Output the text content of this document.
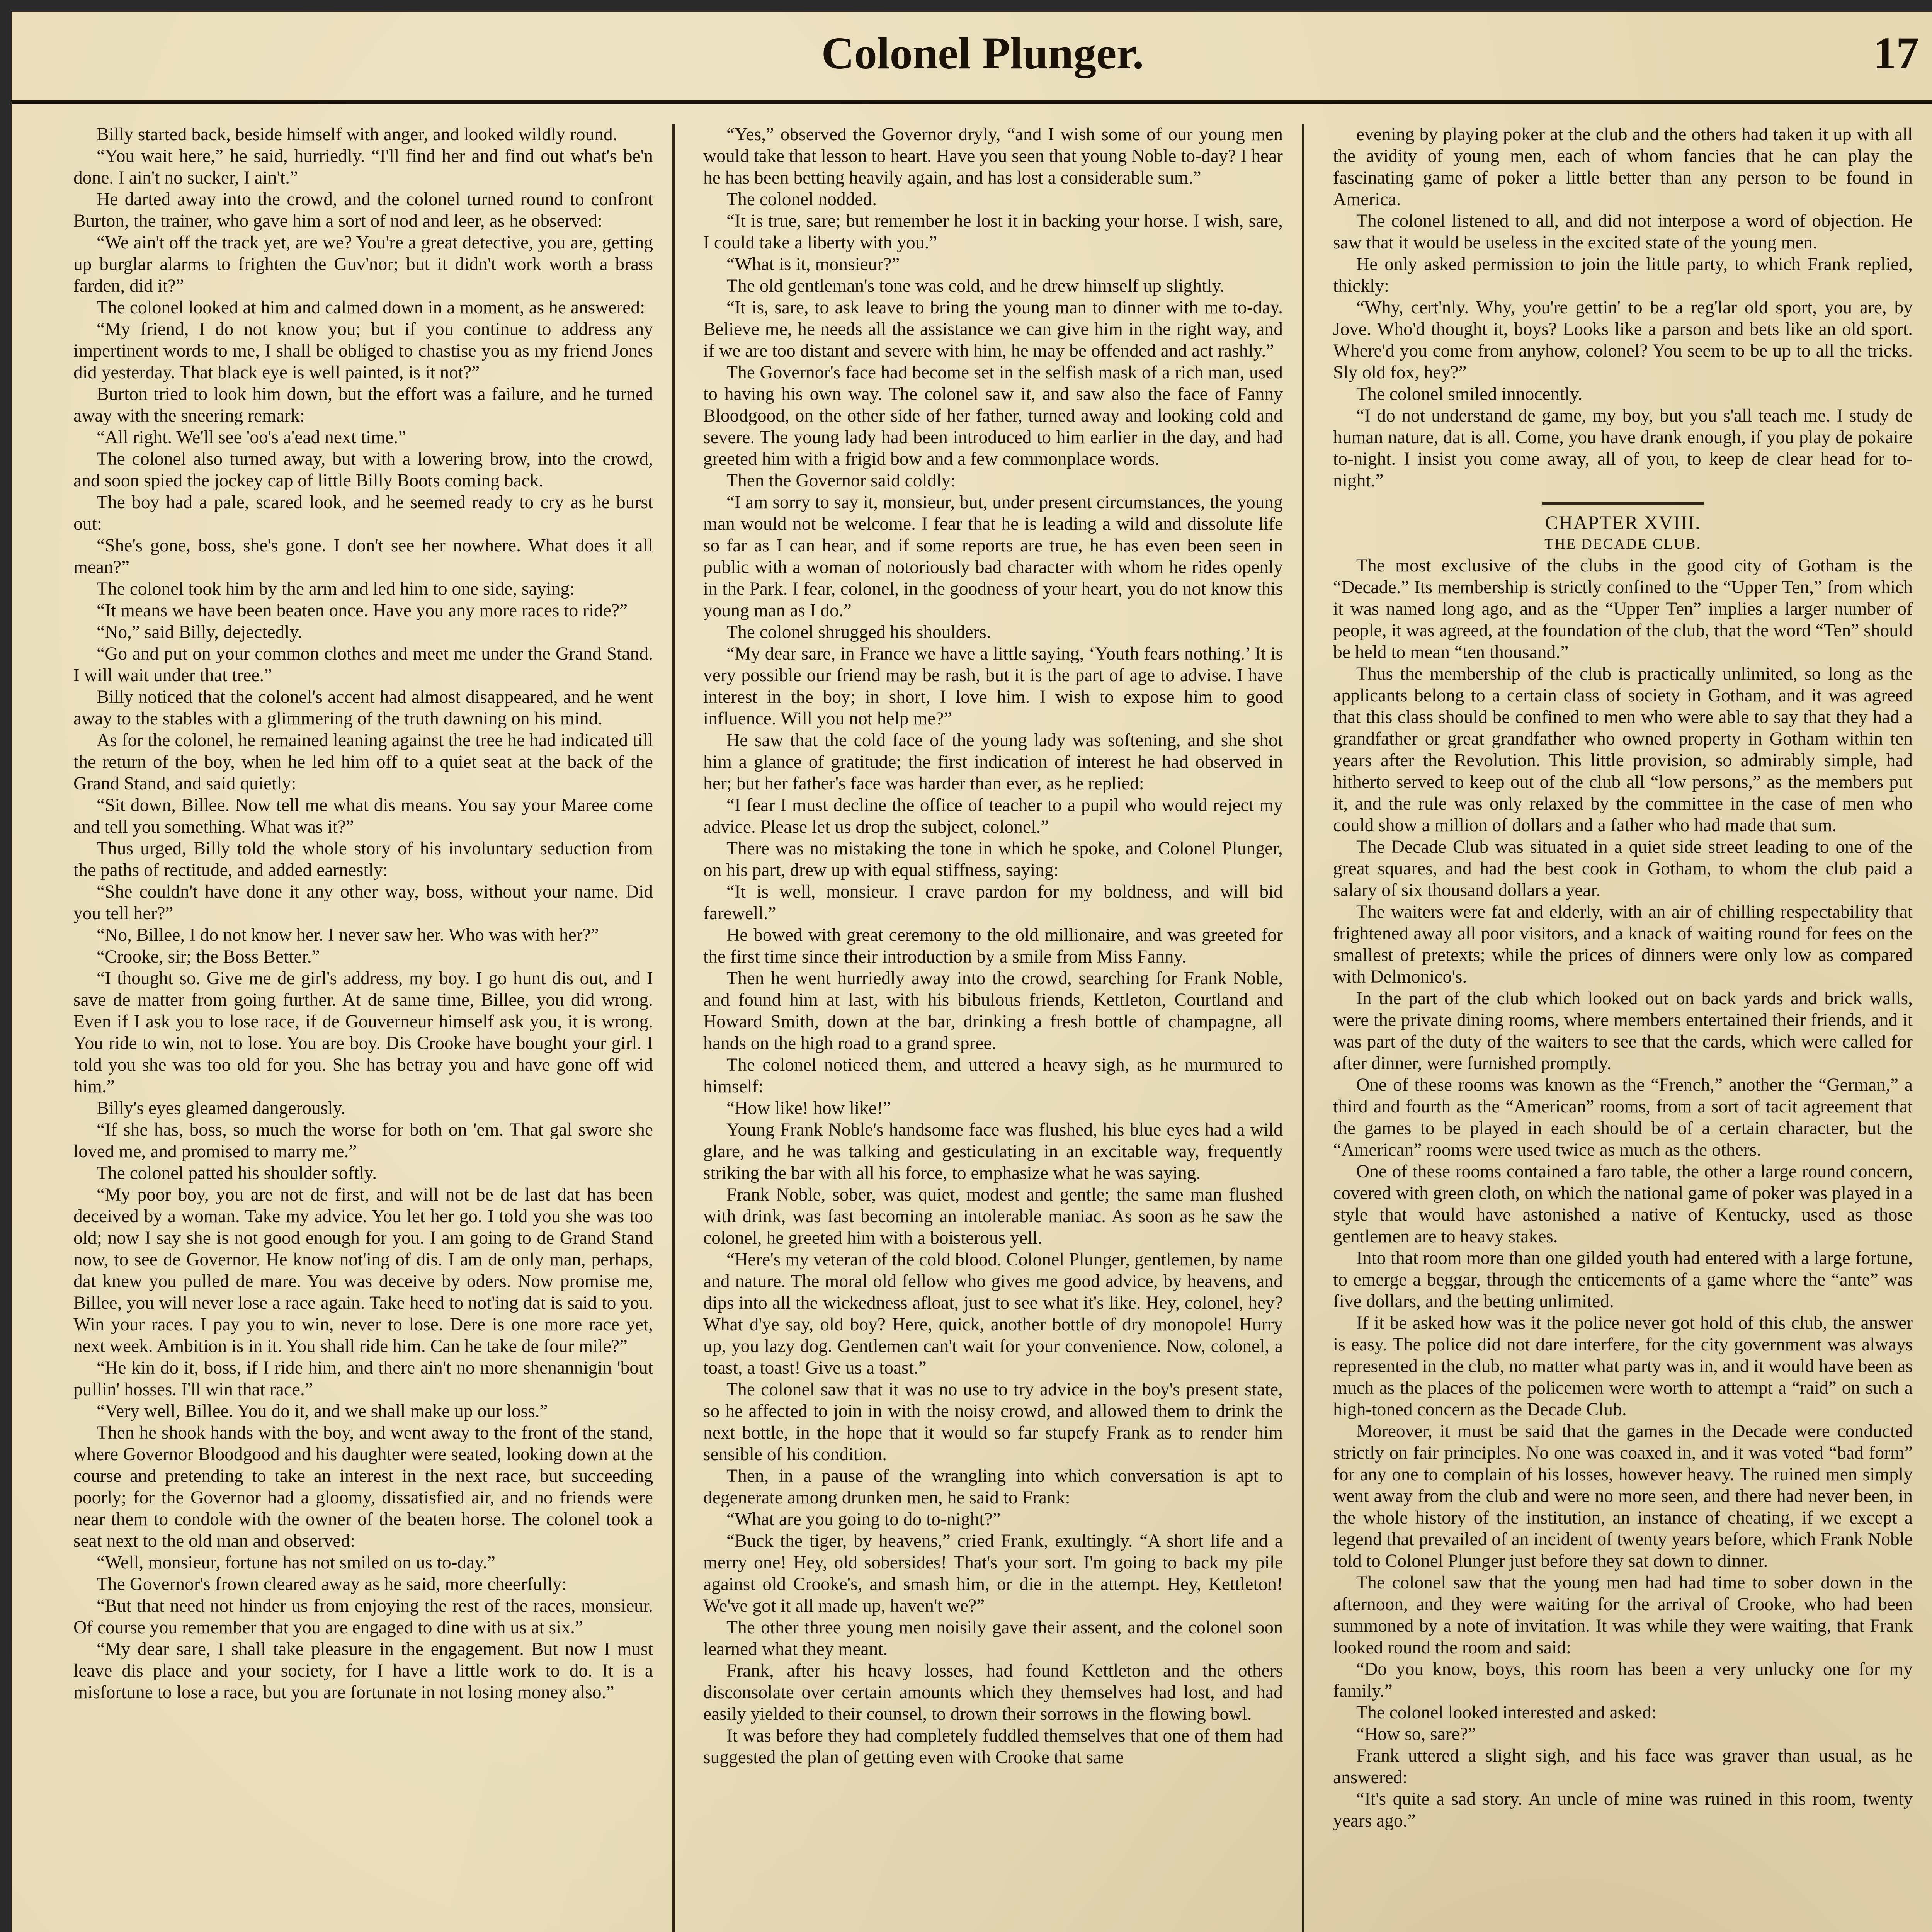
Colonel Plunger.	17

Billy started back, beside himself with anger, and looked wildly round.

“You wait here,” he said, hurriedly. “I'll find her and find out what's be'n done. I ain't no sucker, I ain't.”

He darted away into the crowd, and the colonel turned round to confront Burton, the trainer, who gave him a sort of nod and leer, as he observed:

“We ain't off the track yet, are we? You're a great detective, you are, getting up burglar alarms to frighten the Guv'nor; but it didn't work worth a brass farden, did it?”

The colonel looked at him and calmed down in a moment, as he answered:

“My friend, I do not know you; but if you continue to address any impertinent words to me, I shall be obliged to chastise you as my friend Jones did yesterday. That black eye is well painted, is it not?”

Burton tried to look him down, but the effort was a failure, and he turned away with the sneering remark:

“All right. We'll see 'oo's a'ead next time.”

The colonel also turned away, but with a lowering brow, into the crowd, and soon spied the jockey cap of little Billy Boots coming back.

The boy had a pale, scared look, and he seemed ready to cry as he burst out:

“She's gone, boss, she's gone. I don't see her nowhere. What does it all mean?”

The colonel took him by the arm and led him to one side, saying:

“It means we have been beaten once. Have you any more races to ride?”

“No,” said Billy, dejectedly.

“Go and put on your common clothes and meet me under the Grand Stand. I will wait under that tree.”

Billy noticed that the colonel's accent had almost disappeared, and he went away to the stables with a glimmering of the truth dawning on his mind.

As for the colonel, he remained leaning against the tree he had indicated till the return of the boy, when he led him off to a quiet seat at the back of the Grand Stand, and said quietly:

“Sit down, Billee. Now tell me what dis means. You say your Maree come and tell you something. What was it?”

Thus urged, Billy told the whole story of his involuntary seduction from the paths of rectitude, and added earnestly:

“She couldn't have done it any other way, boss, without your name. Did you tell her?”

“No, Billee, I do not know her. I never saw her. Who was with her?”

“Crooke, sir; the Boss Better.”

“I thought so. Give me de girl's address, my boy. I go hunt dis out, and I save de matter from going further. At de same time, Billee, you did wrong. Even if I ask you to lose race, if de Gouverneur himself ask you, it is wrong. You ride to win, not to lose. You are boy. Dis Crooke have bought your girl. I told you she was too old for you. She has betray you and have gone off wid him.”

Billy's eyes gleamed dangerously.

“If she has, boss, so much the worse for both on 'em. That gal swore she loved me, and promised to marry me.”

The colonel patted his shoulder softly.

“My poor boy, you are not de first, and will not be de last dat has been deceived by a woman. Take my advice. You let her go. I told you she was too old; now I say she is not good enough for you. I am going to de Grand Stand now, to see de Governor. He know not'ing of dis. I am de only man, perhaps, dat knew you pulled de mare. You was deceive by oders. Now promise me, Billee, you will never lose a race again. Take heed to not'ing dat is said to you. Win your races. I pay you to win, never to lose. Dere is one more race yet, next week. Ambition is in it. You shall ride him. Can he take de four mile?”

“He kin do it, boss, if I ride him, and there ain't no more shenannigin 'bout pullin' hosses. I'll win that race.”

“Very well, Billee. You do it, and we shall make up our loss.”

Then he shook hands with the boy, and went away to the front of the stand, where Governor Bloodgood and his daughter were seated, looking down at the course and pretending to take an interest in the next race, but succeeding poorly; for the Governor had a gloomy, dissatisfied air, and no friends were near them to condole with the owner of the beaten horse. The colonel took a seat next to the old man and observed:

“Well, monsieur, fortune has not smiled on us to-day.”

The Governor's frown cleared away as he said, more cheerfully:

“But that need not hinder us from enjoying the rest of the races, monsieur. Of course you remember that you are engaged to dine with us at six.”

“My dear sare, I shall take pleasure in the engagement. But now I must leave dis place and your society, for I have a little work to do. It is a misfortune to lose a race, but you are fortunate in not losing money also.”

“Yes,” observed the Governor dryly, “and I wish some of our young men would take that lesson to heart. Have you seen that young Noble to-day? I hear he has been betting heavily again, and has lost a considerable sum.”

The colonel nodded.

“It is true, sare; but remember he lost it in backing your horse. I wish, sare, I could take a liberty with you.”

“What is it, monsieur?”

The old gentleman's tone was cold, and he drew himself up slightly.

“It is, sare, to ask leave to bring the young man to dinner with me to-day. Believe me, he needs all the assistance we can give him in the right way, and if we are too distant and severe with him, he may be offended and act rashly.”

The Governor's face had become set in the selfish mask of a rich man, used to having his own way. The colonel saw it, and saw also the face of Fanny Bloodgood, on the other side of her father, turned away and looking cold and severe. The young lady had been introduced to him earlier in the day, and had greeted him with a frigid bow and a few commonplace words.

Then the Governor said coldly:

“I am sorry to say it, monsieur, but, under present circumstances, the young man would not be welcome. I fear that he is leading a wild and dissolute life so far as I can hear, and if some reports are true, he has even been seen in public with a woman of notoriously bad character with whom he rides openly in the Park. I fear, colonel, in the goodness of your heart, you do not know this young man as I do.”

The colonel shrugged his shoulders.

“My dear sare, in France we have a little saying, ‘Youth fears nothing.’ It is very possible our friend may be rash, but it is the part of age to advise. I have interest in the boy; in short, I love him. I wish to expose him to good influence. Will you not help me?”

He saw that the cold face of the young lady was softening, and she shot him a glance of gratitude; the first indication of interest he had observed in her; but her father's face was harder than ever, as he replied:

“I fear I must decline the office of teacher to a pupil who would reject my advice. Please let us drop the subject, colonel.”

There was no mistaking the tone in which he spoke, and Colonel Plunger, on his part, drew up with equal stiffness, saying:

“It is well, monsieur. I crave pardon for my boldness, and will bid farewell.”

He bowed with great ceremony to the old millionaire, and was greeted for the first time since their introduction by a smile from Miss Fanny.

Then he went hurriedly away into the crowd, searching for Frank Noble, and found him at last, with his bibulous friends, Kettleton, Courtland and Howard Smith, down at the bar, drinking a fresh bottle of champagne, all hands on the high road to a grand spree.

The colonel noticed them, and uttered a heavy sigh, as he murmured to himself:

“How like! how like!”

Young Frank Noble's handsome face was flushed, his blue eyes had a wild glare, and he was talking and gesticulating in an excitable way, frequently striking the bar with all his force, to emphasize what he was saying.

Frank Noble, sober, was quiet, modest and gentle; the same man flushed with drink, was fast becoming an intolerable maniac. As soon as he saw the colonel, he greeted him with a boisterous yell.

“Here's my veteran of the cold blood. Colonel Plunger, gentlemen, by name and nature. The moral old fellow who gives me good advice, by heavens, and dips into all the wickedness afloat, just to see what it's like. Hey, colonel, hey? What d'ye say, old boy? Here, quick, another bottle of dry monopole! Hurry up, you lazy dog. Gentlemen can't wait for your convenience. Now, colonel, a toast, a toast! Give us a toast.”

The colonel saw that it was no use to try advice in the boy's present state, so he affected to join in with the noisy crowd, and allowed them to drink the next bottle, in the hope that it would so far stupefy Frank as to render him sensible of his condition.

Then, in a pause of the wrangling into which conversation is apt to degenerate among drunken men, he said to Frank:

“What are you going to do to-night?”

“Buck the tiger, by heavens,” cried Frank, exultingly. “A short life and a merry one! Hey, old sobersides! That's your sort. I'm going to back my pile against old Crooke's, and smash him, or die in the attempt. Hey, Kettleton! We've got it all made up, haven't we?”

The other three young men noisily gave their assent, and the colonel soon learned what they meant.

Frank, after his heavy losses, had found Kettleton and the others disconsolate over certain amounts which they themselves had lost, and had easily yielded to their counsel, to drown their sorrows in the flowing bowl.

It was before they had completely fuddled themselves that one of them had suggested the plan of getting even with Crooke that same

evening by playing poker at the club and the others had taken it up with all the avidity of young men, each of whom fancies that he can play the fascinating game of poker a little better than any person to be found in America.

The colonel listened to all, and did not interpose a word of objection. He saw that it would be useless in the excited state of the young men.

He only asked permission to join the little party, to which Frank replied, thickly:

“Why, cert'nly. Why, you're gettin' to be a reg'lar old sport, you are, by Jove. Who'd thought it, boys? Looks like a parson and bets like an old sport. Where'd you come from anyhow, colonel? You seem to be up to all the tricks. Sly old fox, hey?”

The colonel smiled innocently.

“I do not understand de game, my boy, but you s'all teach me. I study de human nature, dat is all. Come, you have drank enough, if you play de pokaire to-night. I insist you come away, all of you, to keep de clear head for to-night.”

CHAPTER XVIII.

THE DECADE CLUB.

The most exclusive of the clubs in the good city of Gotham is the “Decade.” Its membership is strictly confined to the “Upper Ten,” from which it was named long ago, and as the “Upper Ten” implies a larger number of people, it was agreed, at the foundation of the club, that the word “Ten” should be held to mean “ten thousand.”

Thus the membership of the club is practically unlimited, so long as the applicants belong to a certain class of society in Gotham, and it was agreed that this class should be confined to men who were able to say that they had a grandfather or great grandfather who owned property in Gotham within ten years after the Revolution. This little provision, so admirably simple, had hitherto served to keep out of the club all “low persons,” as the members put it, and the rule was only relaxed by the committee in the case of men who could show a million of dollars and a father who had made that sum.

The Decade Club was situated in a quiet side street leading to one of the great squares, and had the best cook in Gotham, to whom the club paid a salary of six thousand dollars a year.

The waiters were fat and elderly, with an air of chilling respectability that frightened away all poor visitors, and a knack of waiting round for fees on the smallest of pretexts; while the prices of dinners were only low as compared with Delmonico's.

In the part of the club which looked out on back yards and brick walls, were the private dining rooms, where members entertained their friends, and it was part of the duty of the waiters to see that the cards, which were called for after dinner, were furnished promptly.

One of these rooms was known as the “French,” another the “German,” a third and fourth as the “American” rooms, from a sort of tacit agreement that the games to be played in each should be of a certain character, but the “American” rooms were used twice as much as the others.

One of these rooms contained a faro table, the other a large round concern, covered with green cloth, on which the national game of poker was played in a style that would have astonished a native of Kentucky, used as those gentlemen are to heavy stakes.

Into that room more than one gilded youth had entered with a large fortune, to emerge a beggar, through the enticements of a game where the “ante” was five dollars, and the betting unlimited.

If it be asked how was it the police never got hold of this club, the answer is easy. The police did not dare interfere, for the city government was always represented in the club, no matter what party was in, and it would have been as much as the places of the policemen were worth to attempt a “raid” on such a high-toned concern as the Decade Club.

Moreover, it must be said that the games in the Decade were conducted strictly on fair principles. No one was coaxed in, and it was voted “bad form” for any one to complain of his losses, however heavy. The ruined men simply went away from the club and were no more seen, and there had never been, in the whole history of the institution, an instance of cheating, if we except a legend that prevailed of an incident of twenty years before, which Frank Noble told to Colonel Plunger just before they sat down to dinner.

The colonel saw that the young men had had time to sober down in the afternoon, and they were waiting for the arrival of Crooke, who had been summoned by a note of invitation. It was while they were waiting, that Frank looked round the room and said:

“Do you know, boys, this room has been a very unlucky one for my family.”

The colonel looked interested and asked:

“How so, sare?”

Frank uttered a slight sigh, and his face was graver than usual, as he answered:

“It's quite a sad story. An uncle of mine was ruined in this room, twenty years ago.”
